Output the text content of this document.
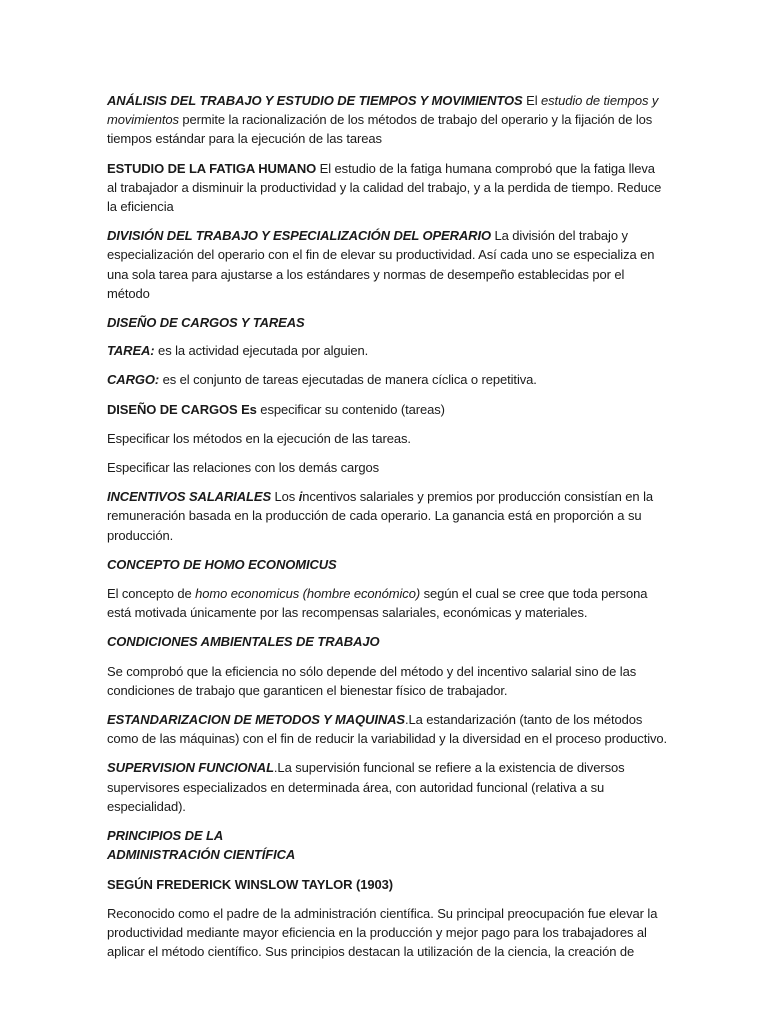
ANÁLISIS DEL TRABAJO Y ESTUDIO DE TIEMPOS Y MOVIMIENTOS El estudio de tiempos y movimientos permite la racionalización de los métodos de trabajo del operario y la fijación de los tiempos estándar para la ejecución de las tareas

ESTUDIO DE LA FATIGA HUMANO El estudio de la fatiga humana comprobó que la fatiga lleva al trabajador a disminuir la productividad y la calidad del trabajo, y a la perdida de tiempo. Reduce la eficiencia

DIVISIÓN DEL TRABAJO Y ESPECIALIZACIÓN DEL OPERARIO La división del trabajo y especialización del operario con el fin de elevar su productividad. Así cada uno se especializa en una sola tarea para ajustarse a los estándares y normas de desempeño establecidas por el método

DISEÑO DE CARGOS Y TAREAS

TAREA: es la actividad ejecutada por alguien.

CARGO: es el conjunto de tareas ejecutadas de manera cíclica o repetitiva.

DISEÑO DE CARGOS Es especificar su contenido (tareas)

Especificar los métodos en la ejecución de las tareas.

Especificar las relaciones con los demás cargos

INCENTIVOS SALARIALES Los incentivos salariales y premios por producción consistían en la remuneración basada en la producción de cada operario. La ganancia está en proporción a su producción.

CONCEPTO DE HOMO ECONOMICUS

El concepto de homo economicus (hombre económico) según el cual se cree que toda persona está motivada únicamente por las recompensas salariales, económicas y materiales.

CONDICIONES AMBIENTALES DE TRABAJO

Se comprobó que la eficiencia no sólo depende del método y del incentivo salarial sino de las condiciones de trabajo que garanticen el bienestar físico de trabajador.

ESTANDARIZACION DE METODOS Y MAQUINAS.La estandarización (tanto de los métodos como de las máquinas) con el fin de reducir la variabilidad y la diversidad en el proceso productivo.

SUPERVISION FUNCIONAL.La supervisión funcional se refiere a la existencia de diversos supervisores especializados en determinada área, con autoridad funcional (relativa a su especialidad).

PRINCIPIOS DE LA
ADMINISTRACIÓN CIENTÍFICA

SEGÚN FREDERICK WINSLOW TAYLOR (1903)

Reconocido como el padre de la administración científica. Su principal preocupación fue elevar la productividad mediante mayor eficiencia en la producción y mejor pago para los trabajadores al aplicar el método científico. Sus principios destacan la utilización de la ciencia, la creación de
